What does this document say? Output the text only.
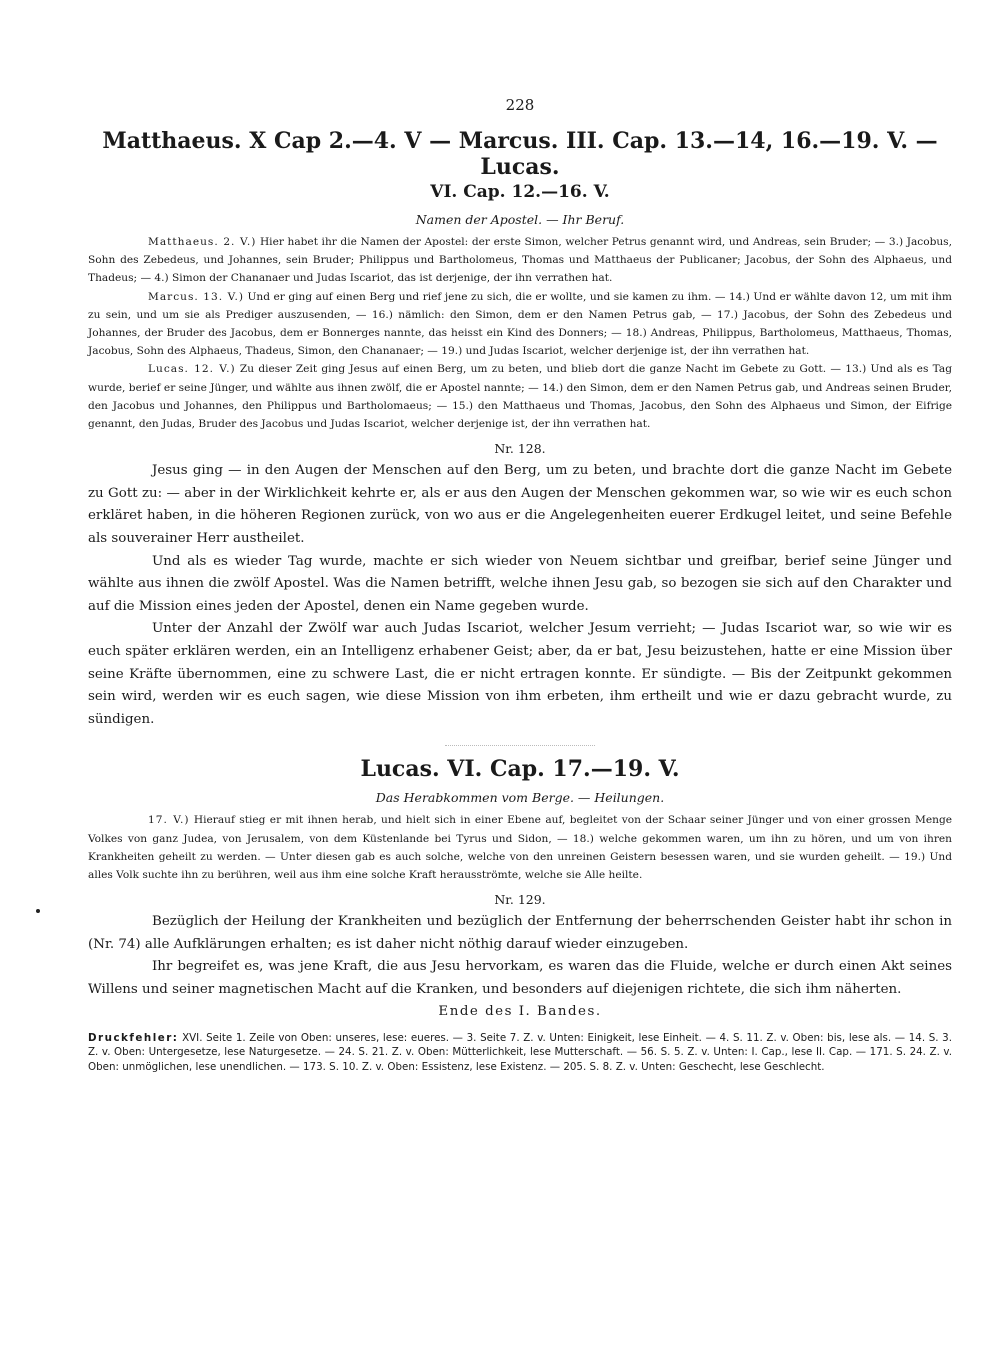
228
Matthaeus. X Cap 2.—4. V — Marcus. III. Cap. 13.—14, 16.—19. V. — Lucas.
VI. Cap. 12.—16. V.
Namen der Apostel. — Ihr Beruf.

Matthaeus. 2. V.) Hier habet ihr die Namen der Apostel: der erste Simon, welcher Petrus genannt wird, und Andreas, sein Bruder; — 3.) Jacobus, Sohn des Zebedeus, und Johannes, sein Bruder; Philippus und Bartholomeus, Thomas und Matthaeus der Publicaner; Jacobus, der Sohn des Alphaeus, und Thadeus; — 4.) Simon der Chananaer und Judas Iscariot, das ist derjenige, der ihn verrathen hat.

Marcus. 13. V.) Und er ging auf einen Berg und rief jene zu sich, die er wollte, und sie kamen zu ihm. — 14.) Und er wählte davon 12, um mit ihm zu sein, und um sie als Prediger auszusenden, — 16.) nämlich: den Simon, dem er den Namen Petrus gab, — 17.) Jacobus, der Sohn des Zebedeus und Johannes, der Bruder des Jacobus, dem er Bonnerges nannte, das heisst ein Kind des Donners; — 18.) Andreas, Philippus, Bartholomeus, Matthaeus, Thomas, Jacobus, Sohn des Alphaeus, Thadeus, Simon, den Chananaer; — 19.) und Judas Iscariot, welcher derjenige ist, der ihn verrathen hat.

Lucas. 12. V.) Zu dieser Zeit ging Jesus auf einen Berg, um zu beten, und blieb dort die ganze Nacht im Gebete zu Gott. — 13.) Und als es Tag wurde, berief er seine Jünger, und wählte aus ihnen zwölf, die er Apostel nannte; — 14.) den Simon, dem er den Namen Petrus gab, und Andreas seinen Bruder, den Jacobus und Johannes, den Philippus und Bartholomaeus; — 15.) den Matthaeus und Thomas, Jacobus, den Sohn des Alphaeus und Simon, der Eifrige genannt, den Judas, Bruder des Jacobus und Judas Iscariot, welcher derjenige ist, der ihn verrathen hat.

Nr. 128.

Jesus ging — in den Augen der Menschen auf den Berg, um zu beten, und brachte dort die ganze Nacht im Gebete zu Gott zu: — aber in der Wirklichkeit kehrte er, als er aus den Augen der Menschen gekommen war, so wie wir es euch schon erkläret haben, in die höheren Regionen zurück, von wo aus er die Angelegenheiten euerer Erdkugel leitet, und seine Befehle als souverainer Herr austheilet.

Und als es wieder Tag wurde, machte er sich wieder von Neuem sichtbar und greifbar, berief seine Jünger und wählte aus ihnen die zwölf Apostel. Was die Namen betrifft, welche ihnen Jesu gab, so bezogen sie sich auf den Charakter und auf die Mission eines jeden der Apostel, denen ein Name gegeben wurde.

Unter der Anzahl der Zwölf war auch Judas Iscariot, welcher Jesum verrieht; — Judas Iscariot war, so wie wir es euch später erklären werden, ein an Intelligenz erhabener Geist; aber, da er bat, Jesu beizustehen, hatte er eine Mission über seine Kräfte übernommen, eine zu schwere Last, die er nicht ertragen konnte. Er sündigte. — Bis der Zeitpunkt gekommen sein wird, werden wir es euch sagen, wie diese Mission von ihm erbeten, ihm ertheilt und wie er dazu gebracht wurde, zu sündigen.

Lucas. VI. Cap. 17.—19. V.
Das Herabkommen vom Berge. — Heilungen.

17. V.) Hierauf stieg er mit ihnen herab, und hielt sich in einer Ebene auf, begleitet von der Schaar seiner Jünger und von einer grossen Menge Volkes von ganz Judea, von Jerusalem, von dem Küstenlande bei Tyrus und Sidon, — 18.) welche gekommen waren, um ihn zu hören, und um von ihren Krankheiten geheilt zu werden. — Unter diesen gab es auch solche, welche von den unreinen Geistern besessen waren, und sie wurden geheilt. — 19.) Und alles Volk suchte ihn zu berühren, weil aus ihm eine solche Kraft herausströmte, welche sie Alle heilte.

Nr. 129.

Bezüglich der Heilung der Krankheiten und bezüglich der Entfernung der beherrschenden Geister habt ihr schon in (Nr. 74) alle Aufklärungen erhalten; es ist daher nicht nöthig darauf wieder einzugeben.

Ihr begreifet es, was jene Kraft, die aus Jesu hervorkam, es waren das die Fluide, welche er durch einen Akt seines Willens und seiner magnetischen Macht auf die Kranken, und besonders auf diejenigen richtete, die sich ihm näherten.

Ende des I. Bandes.

Druckfehler: XVI. Seite 1. Zeile von Oben: unseres, lese: eueres. — 3. Seite 7. Z. v. Unten: Einigkeit, lese Einheit. — 4. S. 11. Z. v. Oben: bis, lese als. — 14. S. 3. Z. v. Oben: Untergesetze, lese Naturgesetze. — 24. S. 21. Z. v. Oben: Mütterlichkeit, lese Mutterschaft. — 56. S. 5. Z. v. Unten: I. Cap., lese II. Cap. — 171. S. 24. Z. v. Oben: unmöglichen, lese unendlichen. — 173. S. 10. Z. v. Oben: Essistenz, lese Existenz. — 205. S. 8. Z. v. Unten: Geschecht, lese Geschlecht.
